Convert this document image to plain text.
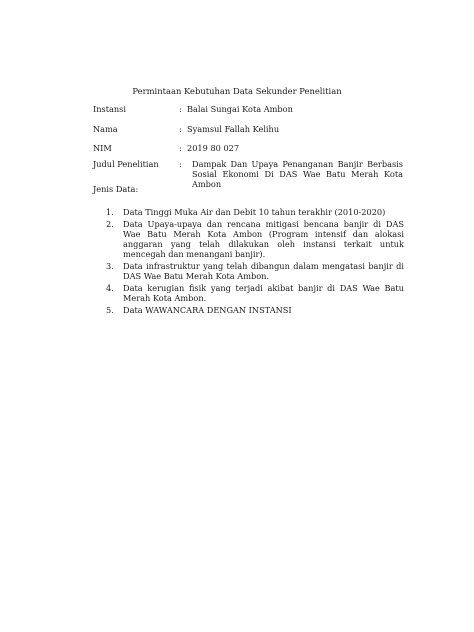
Permintaan Kebutuhan Data Sekunder Penelitian
Instansi	: Balai Sungai Kota Ambon
Nama	: Syamsul Fallah Kelihu
NIM	: 2019 80 027
Judul Penelitian : Dampak Dan Upaya Penanganan Banjir Berbasis Sosial Ekonomi Di DAS Wae Batu Merah Kota Ambon
Jenis Data:
1. Data Tinggi Muka Air dan Debit 10 tahun terakhir (2010-2020)
2. Data Upaya-upaya dan rencana mitigasi bencana banjir di DAS Wae Batu Merah Kota Ambon (Program intensif dan alokasi anggaran yang telah dilakukan oleh instansi terkait untuk mencegah dan menangani banjir).
3. Data infrastruktur yang telah dibangun dalam mengatasi banjir di DAS Wae Batu Merah Kota Ambon.
4. Data kerugian fisik yang terjadi akibat banjir di DAS Wae Batu Merah Kota Ambon.
5. Data WAWANCARA DENGAN INSTANSI
